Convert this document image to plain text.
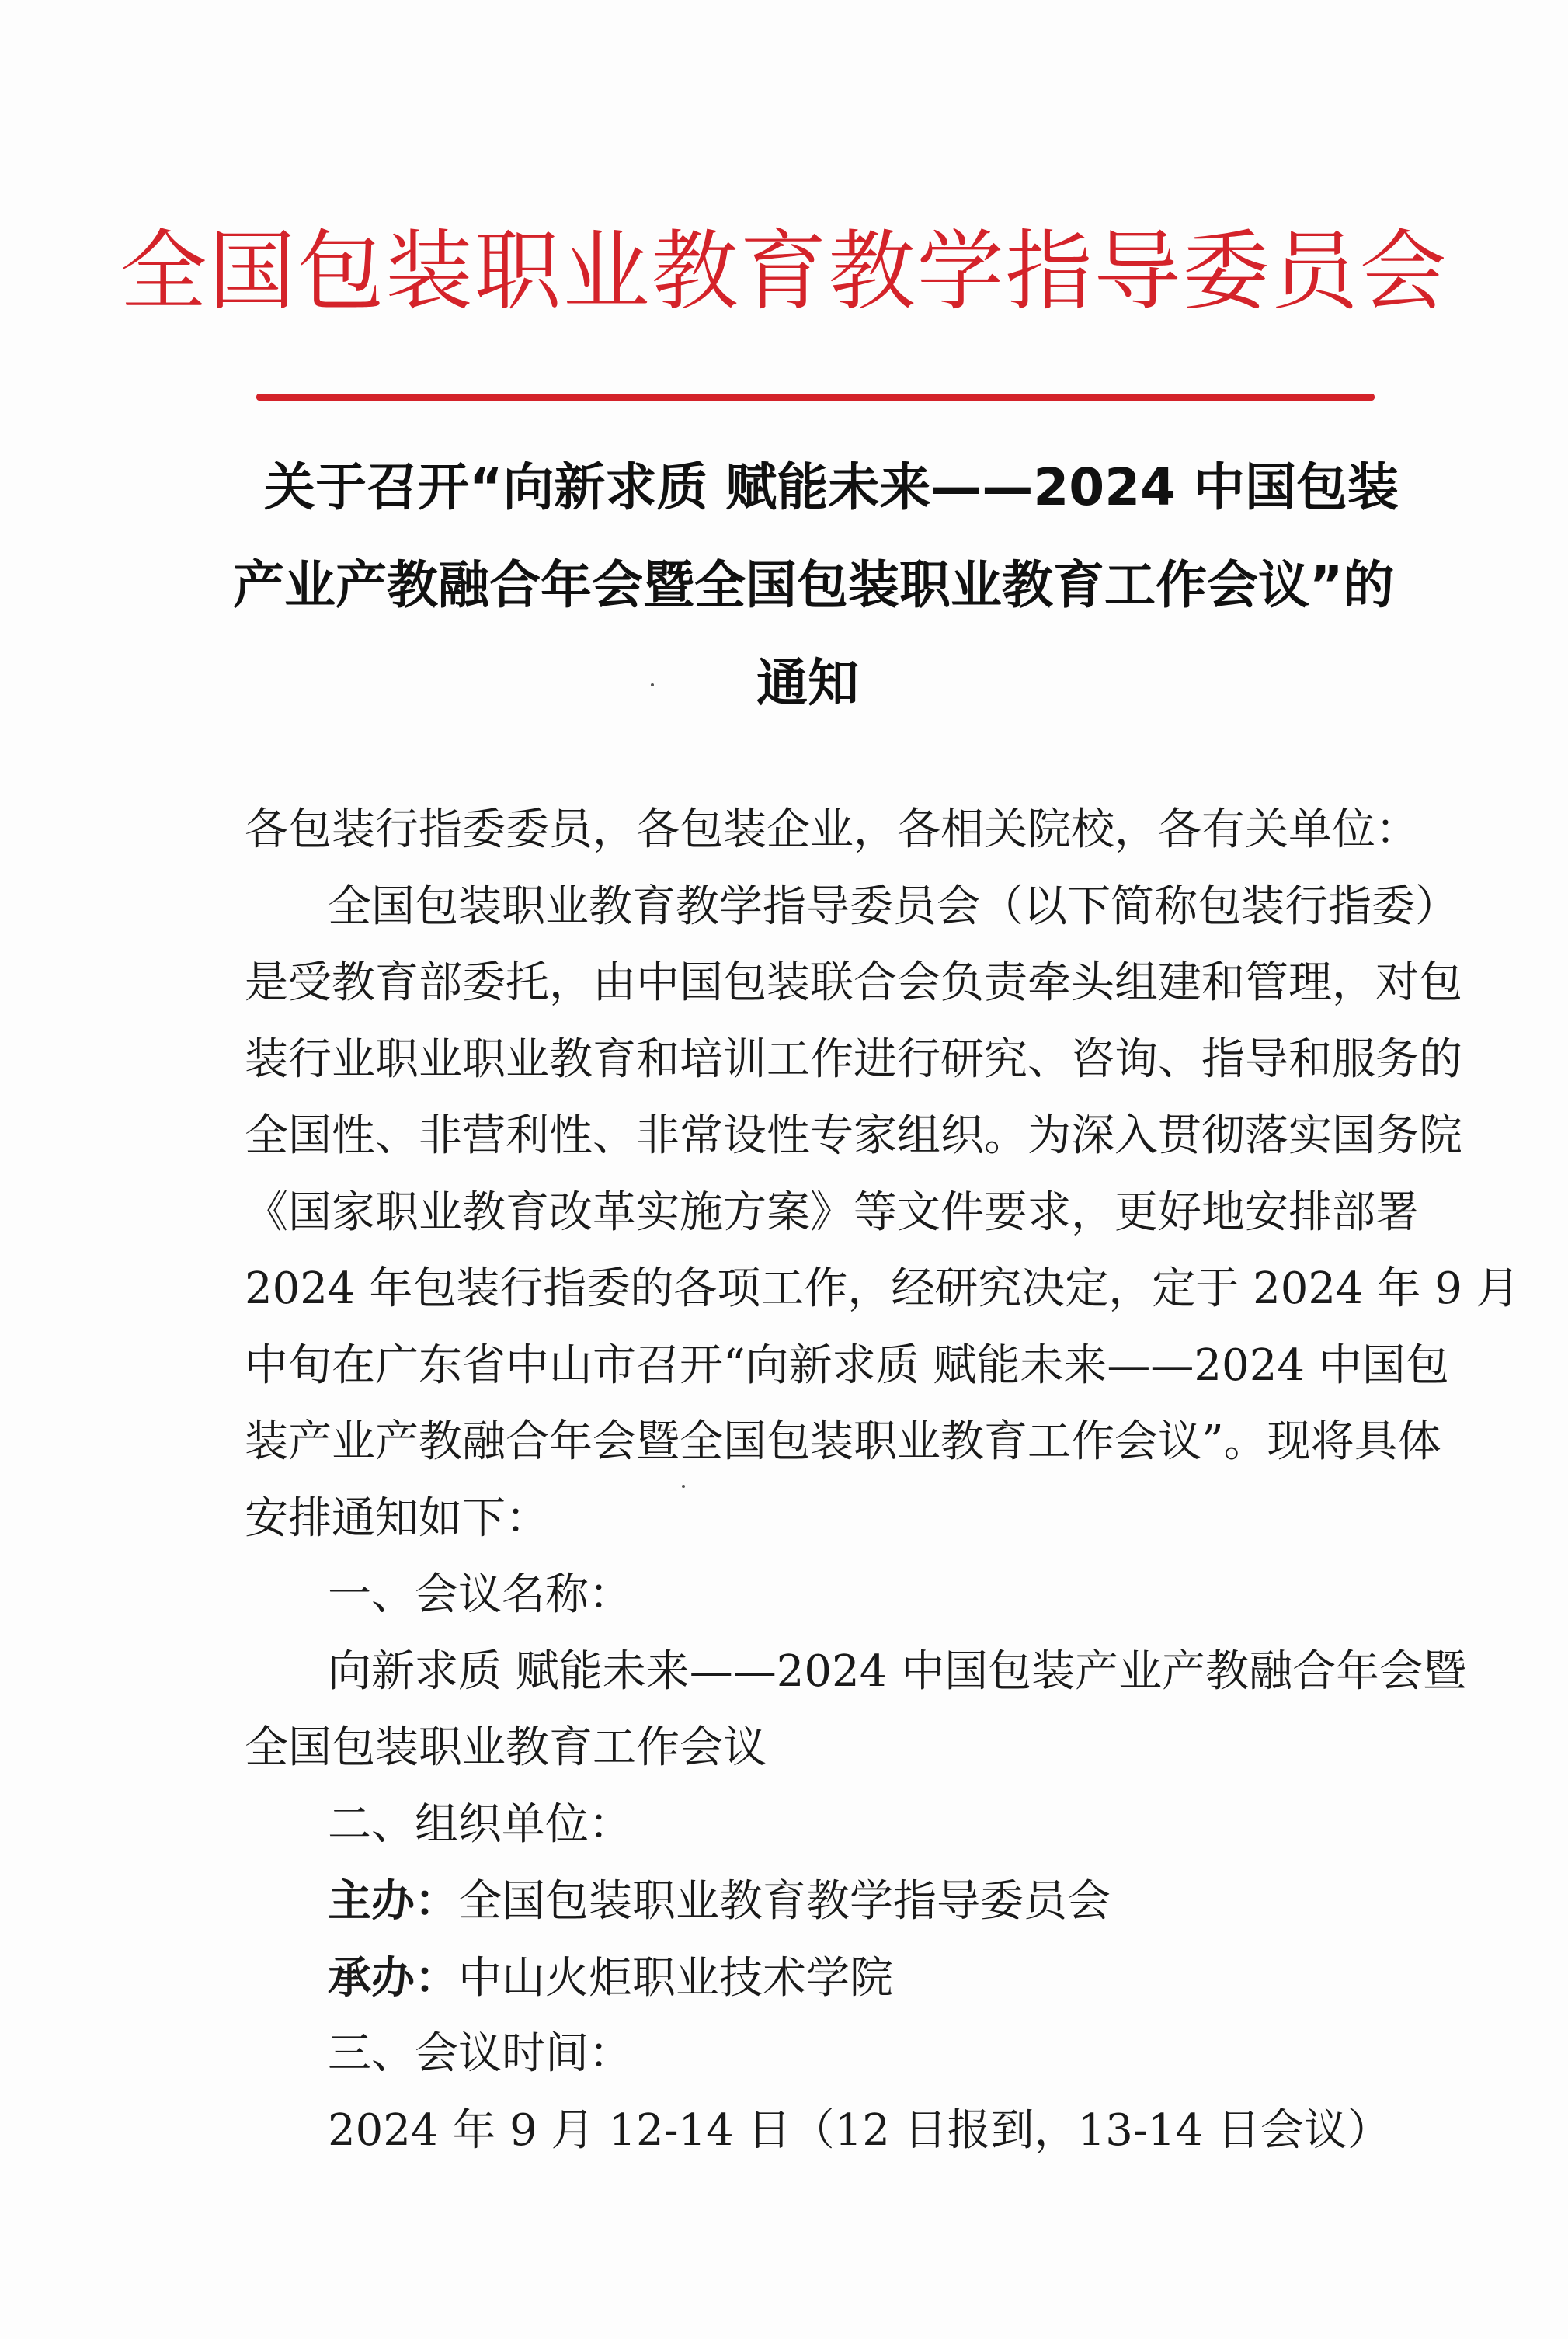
全国包装职业教育教学指导委员会
关于召开“向新求质 赋能未来——2024 中国包装
产业产教融合年会暨全国包装职业教育工作会议”的
通知
各包装行指委委员，各包装企业，各相关院校，各有关单位：
全国包装职业教育教学指导委员会（以下简称包装行指委）
是受教育部委托，由中国包装联合会负责牵头组建和管理，对包
装行业职业职业教育和培训工作进行研究、咨询、指导和服务的
全国性、非营利性、非常设性专家组织。为深入贯彻落实国务院
《国家职业教育改革实施方案》等文件要求，更好地安排部署
2024 年包装行指委的各项工作，经研究决定，定于 2024 年 9 月
中旬在广东省中山市召开“向新求质 赋能未来——2024 中国包
装产业产教融合年会暨全国包装职业教育工作会议”。现将具体
安排通知如下：
一、会议名称：
向新求质 赋能未来——2024 中国包装产业产教融合年会暨
全国包装职业教育工作会议
二、组织单位：
主办：全国包装职业教育教学指导委员会
承办：中山火炬职业技术学院
三、会议时间：
2024 年 9 月 12-14 日（12 日报到，13-14 日会议）
